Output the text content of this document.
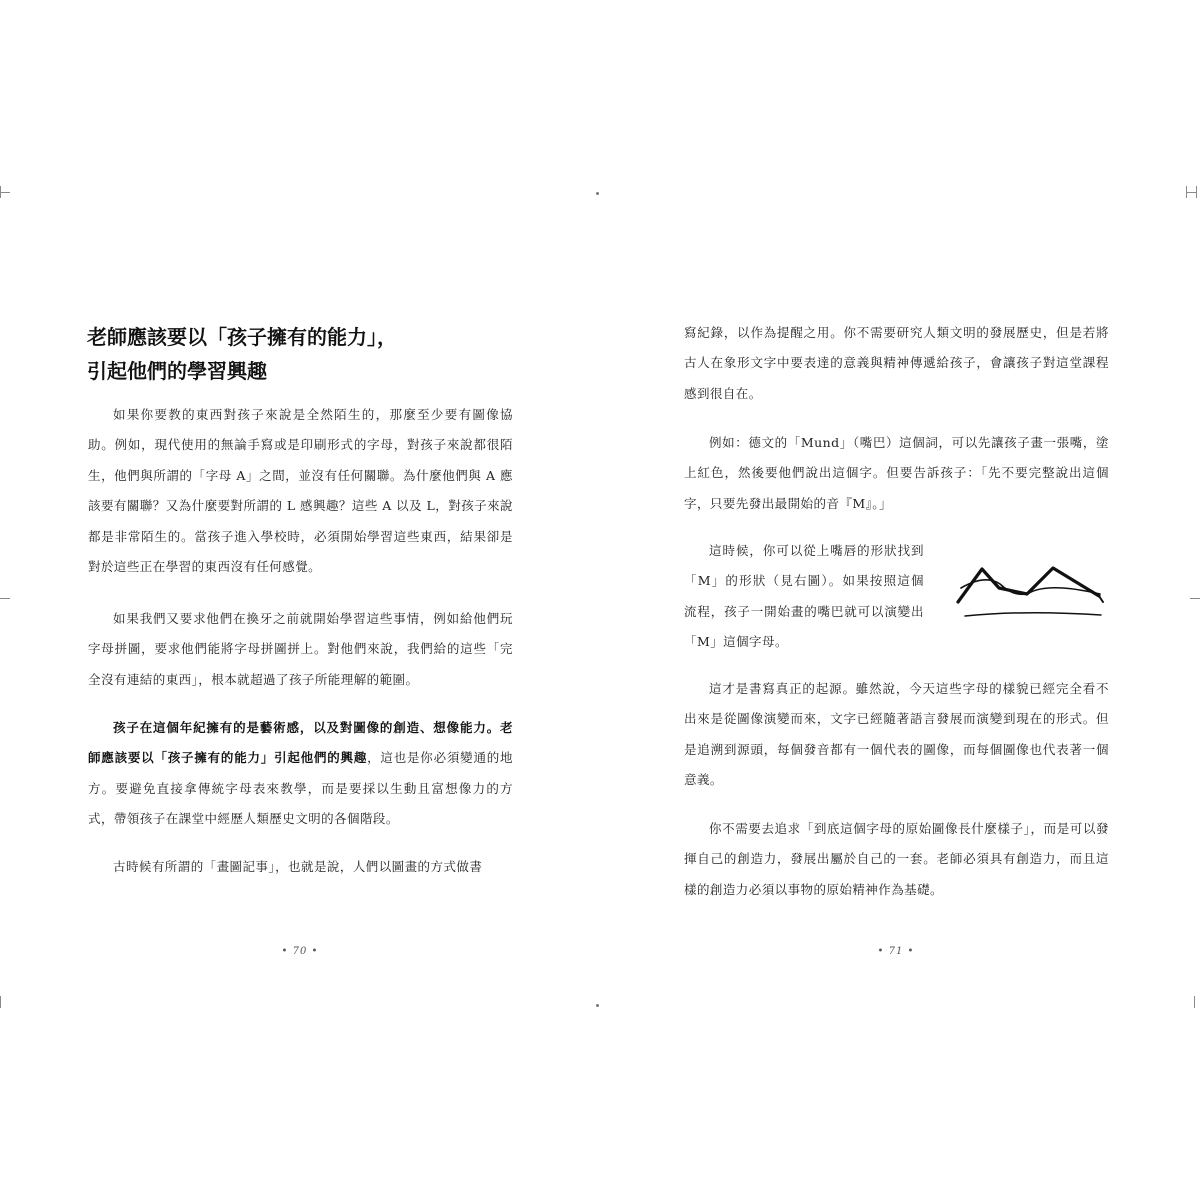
老師應該要以「孩子擁有的能力」，
引起他們的學習興趣

如果你要教的東西對孩子來說是全然陌生的，那麼至少要有圖像協助。例如，現代使用的無論手寫或是印刷形式的字母，對孩子來說都很陌生，他們與所謂的「字母 A」之間，並沒有任何關聯。為什麼他們與 A 應該要有關聯？又為什麼要對所謂的 L 感興趣？這些 A 以及 L，對孩子來說都是非常陌生的。當孩子進入學校時，必須開始學習這些東西，結果卻是對於這些正在學習的東西沒有任何感覺。

如果我們又要求他們在換牙之前就開始學習這些事情，例如給他們玩字母拼圖，要求他們能將字母拼圖拼上。對他們來說，我們給的這些「完全沒有連結的東西」，根本就超過了孩子所能理解的範圍。

孩子在這個年紀擁有的是藝術感，以及對圖像的創造、想像能力。老師應該要以「孩子擁有的能力」引起他們的興趣，這也是你必須變通的地方。要避免直接拿傳統字母表來教學，而是要採以生動且富想像力的方式，帶領孩子在課堂中經歷人類歷史文明的各個階段。

古時候有所謂的「畫圖記事」，也就是說，人們以圖畫的方式做書

• 70 •

寫紀錄，以作為提醒之用。你不需要研究人類文明的發展歷史，但是若將古人在象形文字中要表達的意義與精神傳遞給孩子，會讓孩子對這堂課程感到很自在。

例如：德文的「Mund」（嘴巴）這個詞，可以先讓孩子畫一張嘴，塗上紅色，然後要他們說出這個字。但要告訴孩子：「先不要完整說出這個字，只要先發出最開始的音『M』。」

這時候，你可以從上嘴唇的形狀找到「M」的形狀（見右圖）。如果按照這個流程，孩子一開始畫的嘴巴就可以演變出「M」這個字母。

這才是書寫真正的起源。雖然說，今天這些字母的樣貌已經完全看不出來是從圖像演變而來，文字已經隨著語言發展而演變到現在的形式。但是追溯到源頭，每個發音都有一個代表的圖像，而每個圖像也代表著一個意義。

你不需要去追求「到底這個字母的原始圖像長什麼樣子」，而是可以發揮自己的創造力，發展出屬於自己的一套。老師必須具有創造力，而且這樣的創造力必須以事物的原始精神作為基礎。

• 71 •
